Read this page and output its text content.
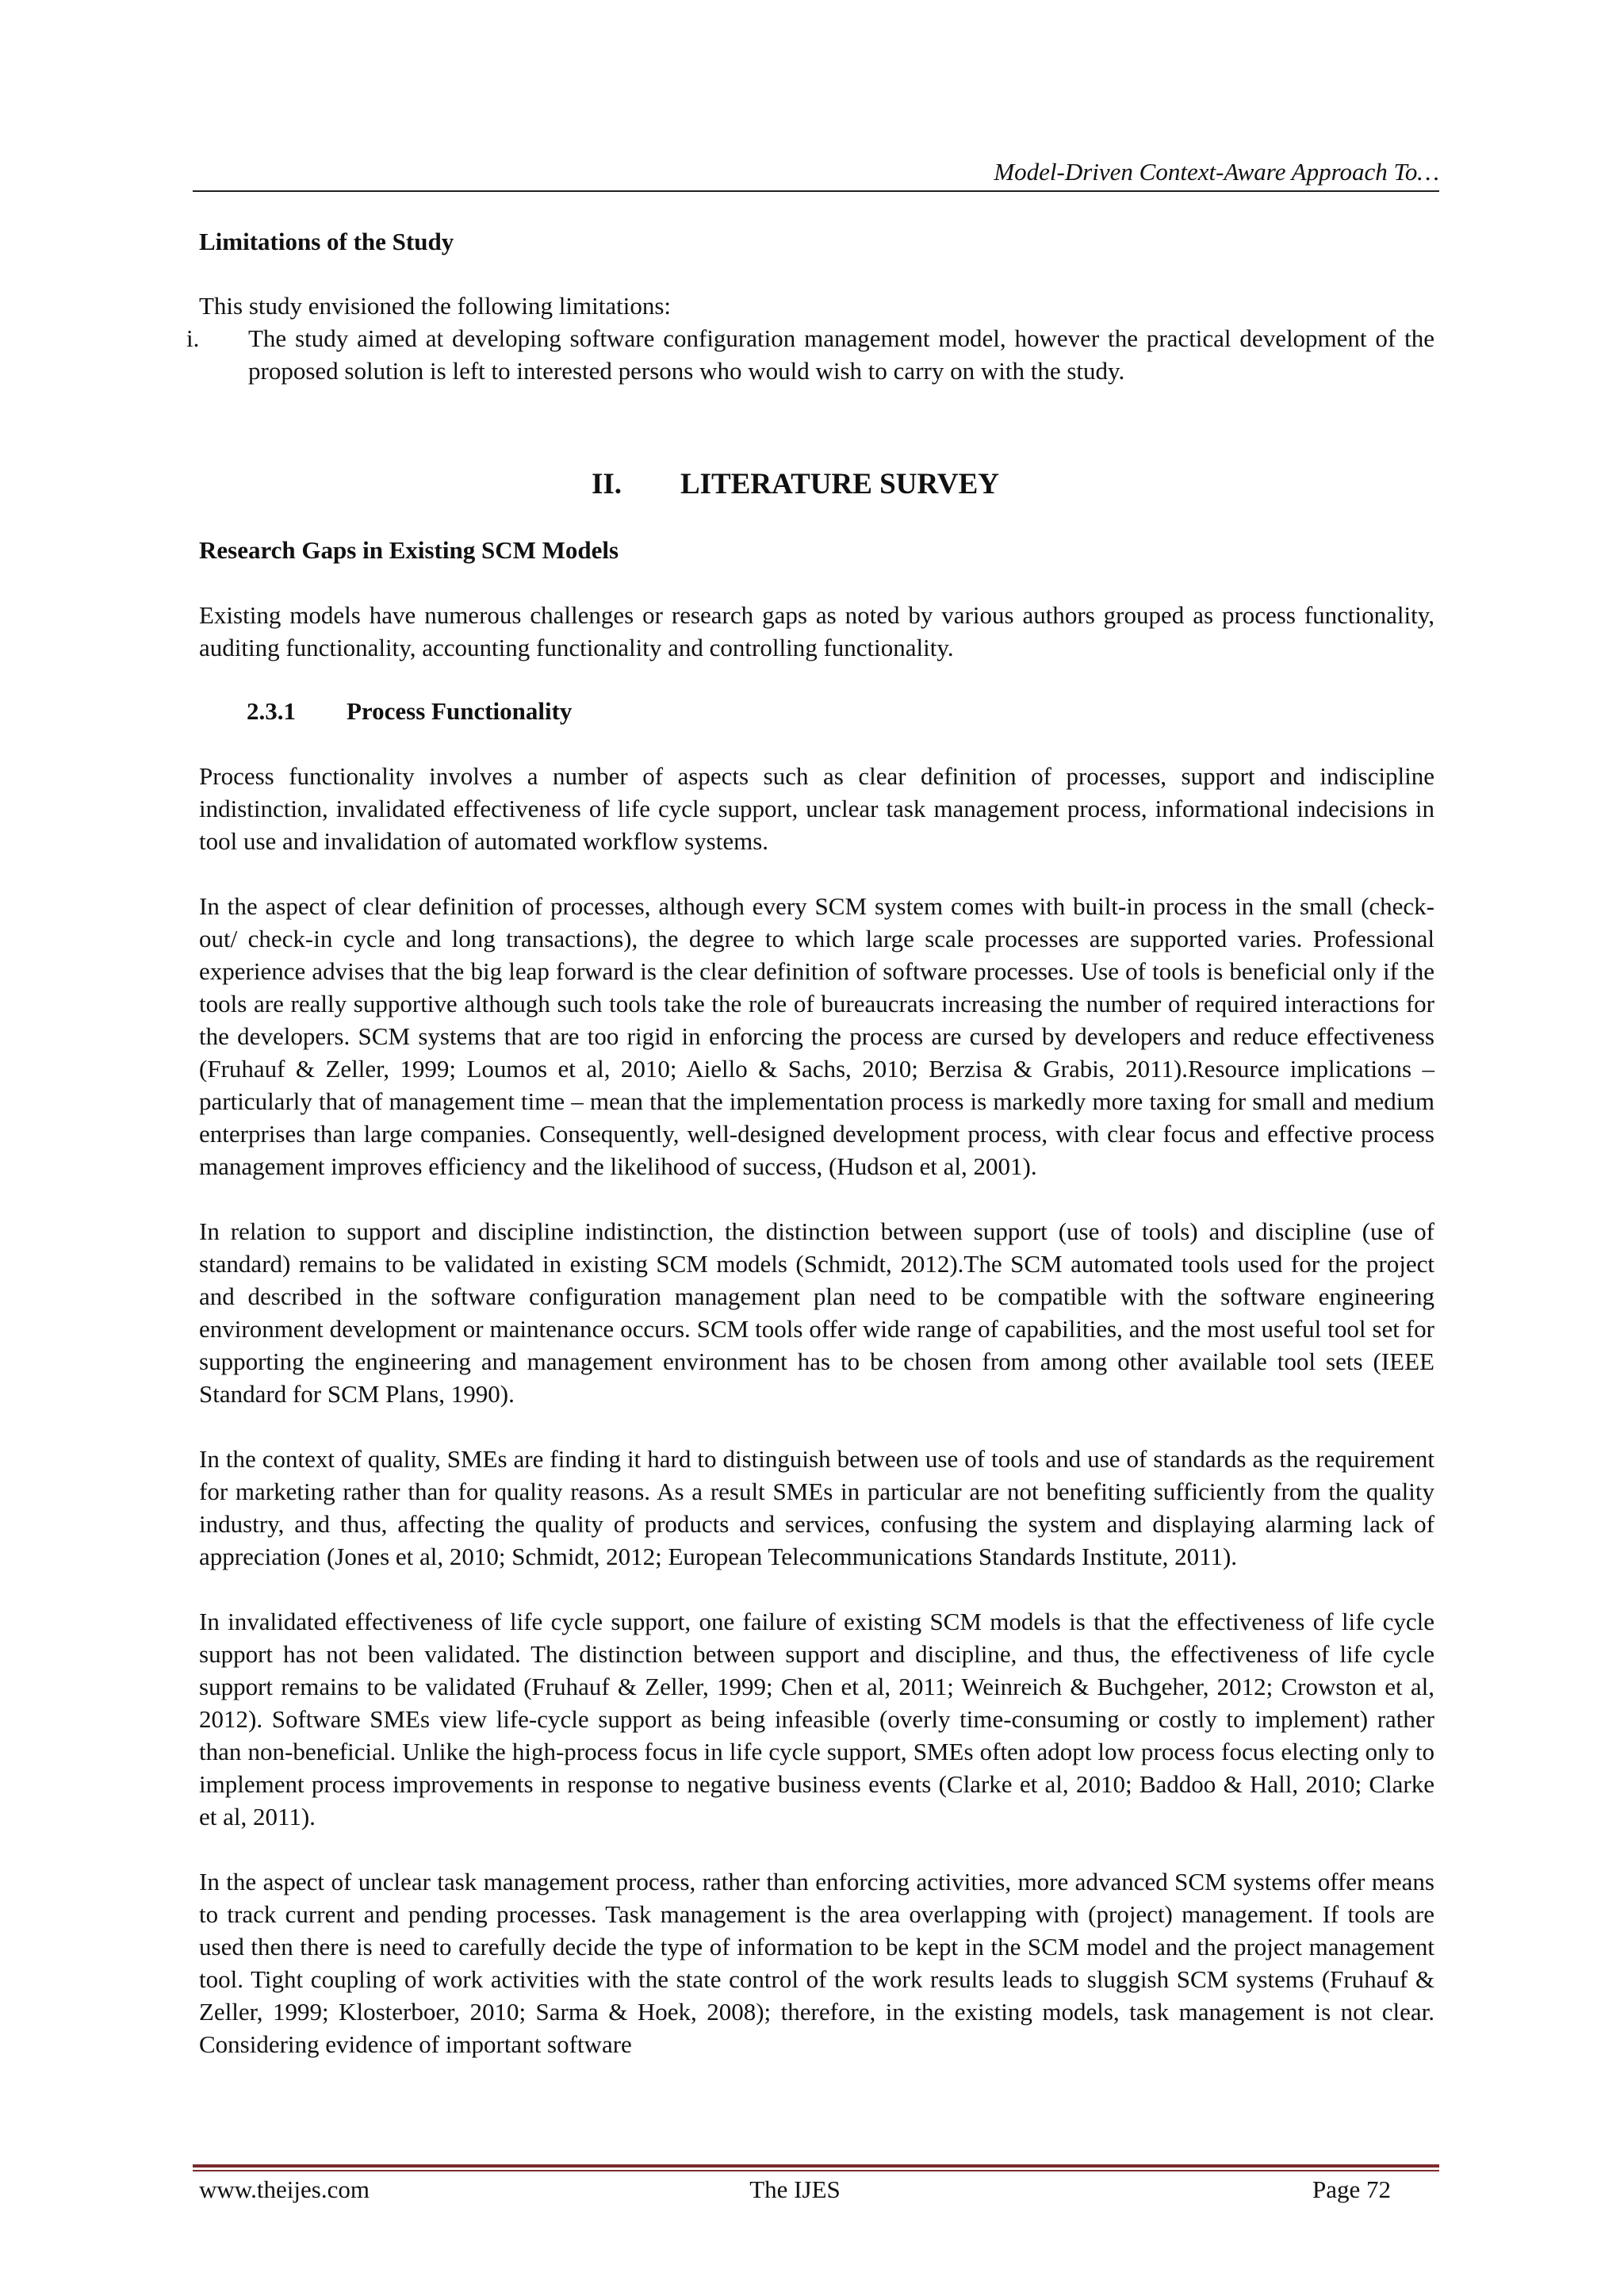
Model-Driven Context-Aware Approach To…

Limitations of the Study

This study envisioned the following limitations:

i. The study aimed at developing software configuration management model, however the practical development of the proposed solution is left to interested persons who would wish to carry on with the study.

II. LITERATURE SURVEY

Research Gaps in Existing SCM Models

Existing models have numerous challenges or research gaps as noted by various authors grouped as process functionality, auditing functionality, accounting functionality and controlling functionality.

2.3.1 Process Functionality

Process functionality involves a number of aspects such as clear definition of processes, support and indiscipline indistinction, invalidated effectiveness of life cycle support, unclear task management process, informational indecisions in tool use and invalidation of automated workflow systems.

In the aspect of clear definition of processes, although every SCM system comes with built-in process in the small (check-out/ check-in cycle and long transactions), the degree to which large scale processes are supported varies. Professional experience advises that the big leap forward is the clear definition of software processes. Use of tools is beneficial only if the tools are really supportive although such tools take the role of bureaucrats increasing the number of required interactions for the developers. SCM systems that are too rigid in enforcing the process are cursed by developers and reduce effectiveness (Fruhauf & Zeller, 1999; Loumos et al, 2010; Aiello & Sachs, 2010; Berzisa & Grabis, 2011).Resource implications – particularly that of management time – mean that the implementation process is markedly more taxing for small and medium enterprises than large companies. Consequently, well-designed development process, with clear focus and effective process management improves efficiency and the likelihood of success, (Hudson et al, 2001).

In relation to support and discipline indistinction, the distinction between support (use of tools) and discipline (use of standard) remains to be validated in existing SCM models (Schmidt, 2012).The SCM automated tools used for the project and described in the software configuration management plan need to be compatible with the software engineering environment development or maintenance occurs. SCM tools offer wide range of capabilities, and the most useful tool set for supporting the engineering and management environment has to be chosen from among other available tool sets (IEEE Standard for SCM Plans, 1990).

In the context of quality, SMEs are finding it hard to distinguish between use of tools and use of standards as the requirement for marketing rather than for quality reasons. As a result SMEs in particular are not benefiting sufficiently from the quality industry, and thus, affecting the quality of products and services, confusing the system and displaying alarming lack of appreciation (Jones et al, 2010; Schmidt, 2012; European Telecommunications Standards Institute, 2011).

In invalidated effectiveness of life cycle support, one failure of existing SCM models is that the effectiveness of life cycle support has not been validated. The distinction between support and discipline, and thus, the effectiveness of life cycle support remains to be validated (Fruhauf & Zeller, 1999; Chen et al, 2011; Weinreich & Buchgeher, 2012; Crowston et al, 2012). Software SMEs view life-cycle support as being infeasible (overly time-consuming or costly to implement) rather than non-beneficial. Unlike the high-process focus in life cycle support, SMEs often adopt low process focus electing only to implement process improvements in response to negative business events (Clarke et al, 2010; Baddoo & Hall, 2010; Clarke et al, 2011).

In the aspect of unclear task management process, rather than enforcing activities, more advanced SCM systems offer means to track current and pending processes. Task management is the area overlapping with (project) management. If tools are used then there is need to carefully decide the type of information to be kept in the SCM model and the project management tool. Tight coupling of work activities with the state control of the work results leads to sluggish SCM systems (Fruhauf & Zeller, 1999; Klosterboer, 2010; Sarma & Hoek, 2008); therefore, in the existing models, task management is not clear. Considering evidence of important software

www.theijes.com	The IJES	Page 72
